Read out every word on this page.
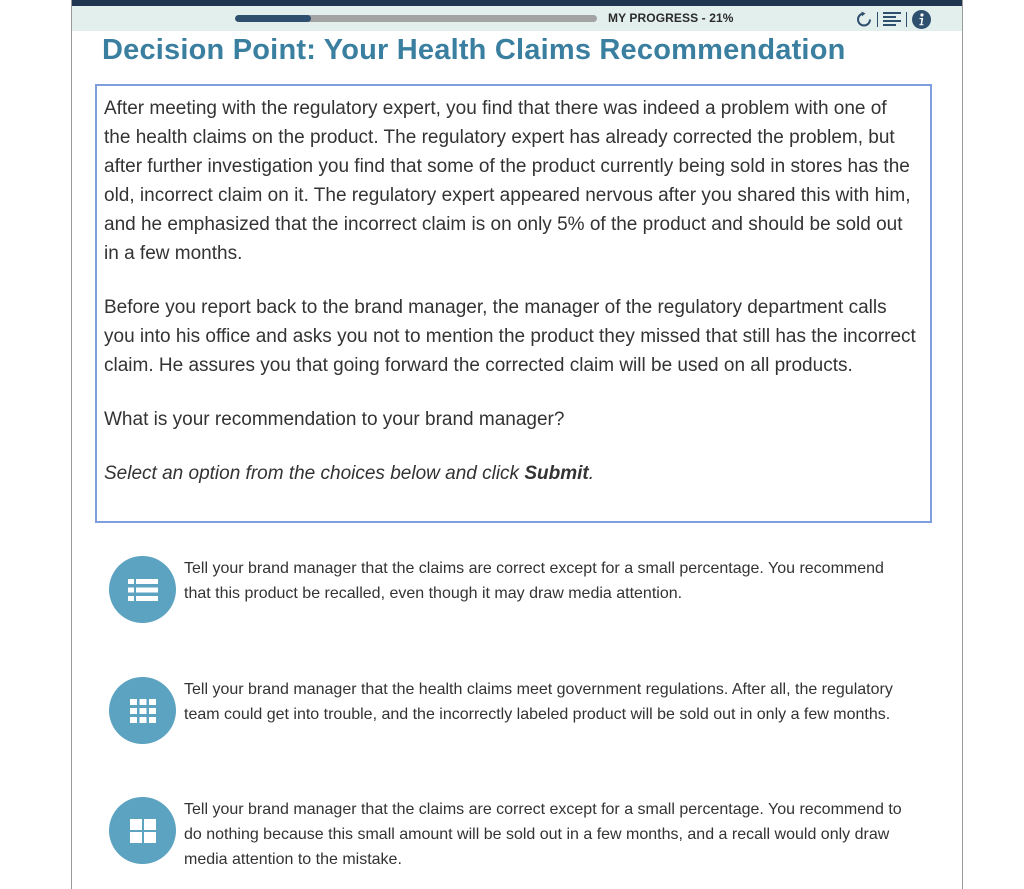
MY PROGRESS - 21%
Decision Point: Your Health Claims Recommendation

After meeting with the regulatory expert, you find that there was indeed a problem with one of the health claims on the product. The regulatory expert has already corrected the problem, but after further investigation you find that some of the product currently being sold in stores has the old, incorrect claim on it. The regulatory expert appeared nervous after you shared this with him, and he emphasized that the incorrect claim is on only 5% of the product and should be sold out in a few months.

Before you report back to the brand manager, the manager of the regulatory department calls you into his office and asks you not to mention the product they missed that still has the incorrect claim. He assures you that going forward the corrected claim will be used on all products.

What is your recommendation to your brand manager?

Select an option from the choices below and click Submit.

Tell your brand manager that the claims are correct except for a small percentage. You recommend that this product be recalled, even though it may draw media attention.
Tell your brand manager that the health claims meet government regulations. After all, the regulatory team could get into trouble, and the incorrectly labeled product will be sold out in only a few months.
Tell your brand manager that the claims are correct except for a small percentage. You recommend to do nothing because this small amount will be sold out in a few months, and a recall would only draw media attention to the mistake.
